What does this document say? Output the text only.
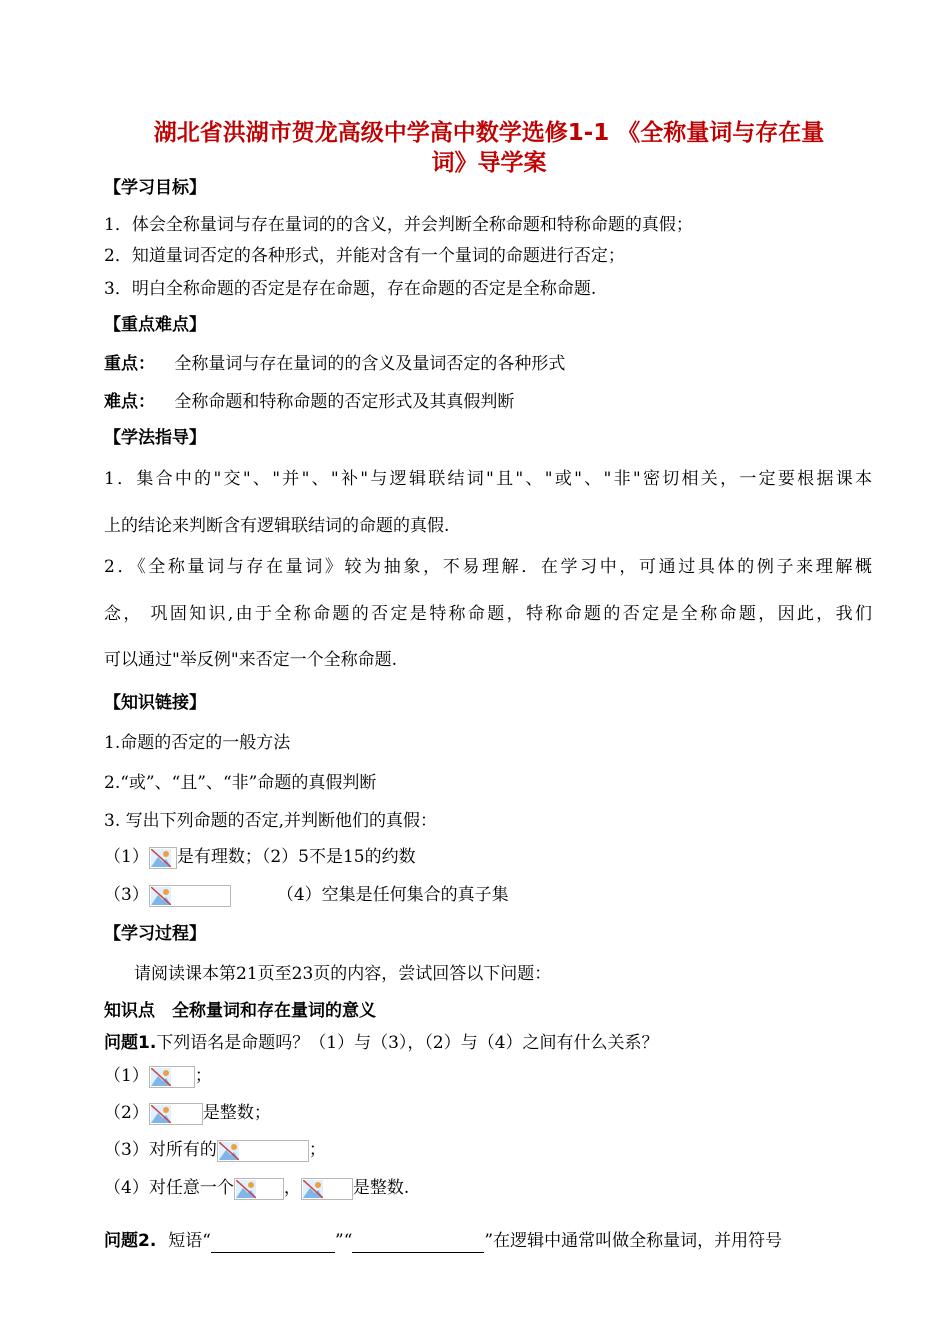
湖北省洪湖市贺龙高级中学高中数学选修1-1 《全称量词与存在量
词》导学案
【学习目标】
1．体会全称量词与存在量词的的含义，并会判断全称命题和特称命题的真假；
2．知道量词否定的各种形式，并能对含有一个量词的命题进行否定；
3．明白全称命题的否定是存在命题，存在命题的否定是全称命题.
【重点难点】
重点： 全称量词与存在量词的的含义及量词否定的各种形式
难点： 全称命题和特称命题的否定形式及其真假判断
【学法指导】
1．集合中的"交"、"并"、"补"与逻辑联结词"且"、"或"、"非"密切相关，一定要根据课本
上的结论来判断含有逻辑联结词的命题的真假.
2．《全称量词与存在量词》较为抽象，不易理解．在学习中，可通过具体的例子来理解概
念， 巩固知识,由于全称命题的否定是特称命题，特称命题的否定是全称命题，因此，我们
可以通过"举反例"来否定一个全称命题.
【知识链接】
1.命题的否定的一般方法
2.“或”、“且”、“非”命题的真假判断
3. 写出下列命题的否定,并判断他们的真假：
（1） 是有理数；（2）5不是15的约数
（3）	（4）空集是任何集合的真子集
【学习过程】
请阅读课本第21页至23页的内容，尝试回答以下问题：
知识点　全称量词和存在量词的意义
问题1.下列语名是命题吗？（1）与（3），（2）与（4）之间有什么关系？
（1）	；
（2）	是整数；
（3）对所有的	；
（4）对任意一个	，	是整数.
问题2. 短语“	”“	”在逻辑中通常叫做全称量词，并用符号
